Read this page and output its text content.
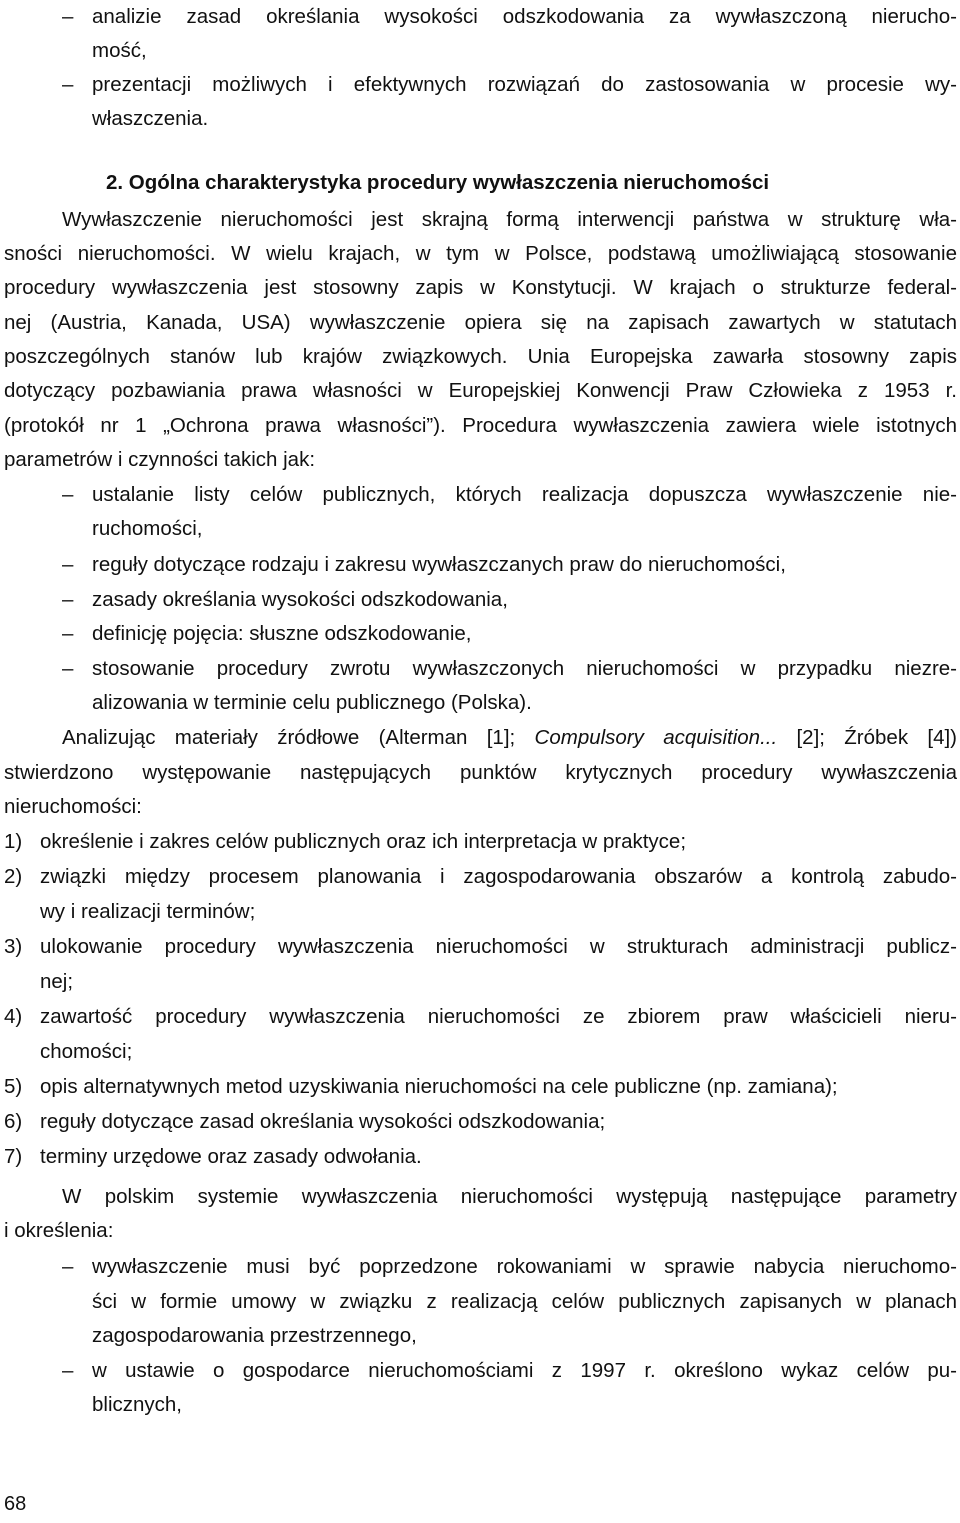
analizie zasad określania wysokości odszkodowania za wywłaszczoną nierucho-
–
mość,
– prezentacji możliwych i efektywnych rozwiązań do zastosowania w procesie wy-
właszczenia.
2. Ogólna charakterystyka procedury wywłaszczenia nieruchomości
Wywłaszczenie nieruchomości jest skrajną formą interwencji państwa w strukturę wła-
sności nieruchomości. W wielu krajach, w tym w Polsce, podstawą umożliwiającą stosowanie
procedury wywłaszczenia jest stosowny zapis w Konstytucji. W krajach o strukturze federal-
nej (Austria, Kanada, USA) wywłaszczenie opiera się na zapisach zawartych w statutach
poszczególnych stanów lub krajów związkowych. Unia Europejska zawarła stosowny zapis
dotyczący pozbawiania prawa własności w Europejskiej Konwencji Praw Człowieka z 1953 r.
(protokół nr 1 „Ochrona prawa własności”). Procedura wywłaszczenia zawiera wiele istotnych
parametrów i czynności takich jak:
– ustalanie listy celów publicznych, których realizacja dopuszcza wywłaszczenie nie-
ruchomości,
– reguły dotyczące rodzaju i zakresu wywłaszczanych praw do nieruchomości,
– zasady określania wysokości odszkodowania,
– definicję pojęcia: słuszne odszkodowanie,
– stosowanie procedury zwrotu wywłaszczonych nieruchomości w przypadku niezre-
alizowania w terminie celu publicznego (Polska).
Analizując materiały źródłowe (Alterman [1]; Compulsory acquisition... [2]; Źróbek [4])
stwierdzono występowanie następujących punktów krytycznych procedury wywłaszczenia
nieruchomości:
1) określenie i zakres celów publicznych oraz ich interpretacja w praktyce;
2) związki między procesem planowania i zagospodarowania obszarów a kontrolą zabudo-
wy i realizacji terminów;
3) ulokowanie procedury wywłaszczenia nieruchomości w strukturach administracji publicz-
nej;
4) zawartość procedury wywłaszczenia nieruchomości ze zbiorem praw właścicieli nieru-
chomości;
5) opis alternatywnych metod uzyskiwania nieruchomości na cele publiczne (np. zamiana);
6) reguły dotyczące zasad określania wysokości odszkodowania;
7) terminy urzędowe oraz zasady odwołania.
W polskim systemie wywłaszczenia nieruchomości występują następujące parametry
i określenia:
– wywłaszczenie musi być poprzedzone rokowaniami w sprawie nabycia nieruchomo-
ści w formie umowy w związku z realizacją celów publicznych zapisanych w planach
zagospodarowania przestrzennego,
– w ustawie o gospodarce nieruchomościami z 1997 r. określono wykaz celów pu-
blicznych,
68
